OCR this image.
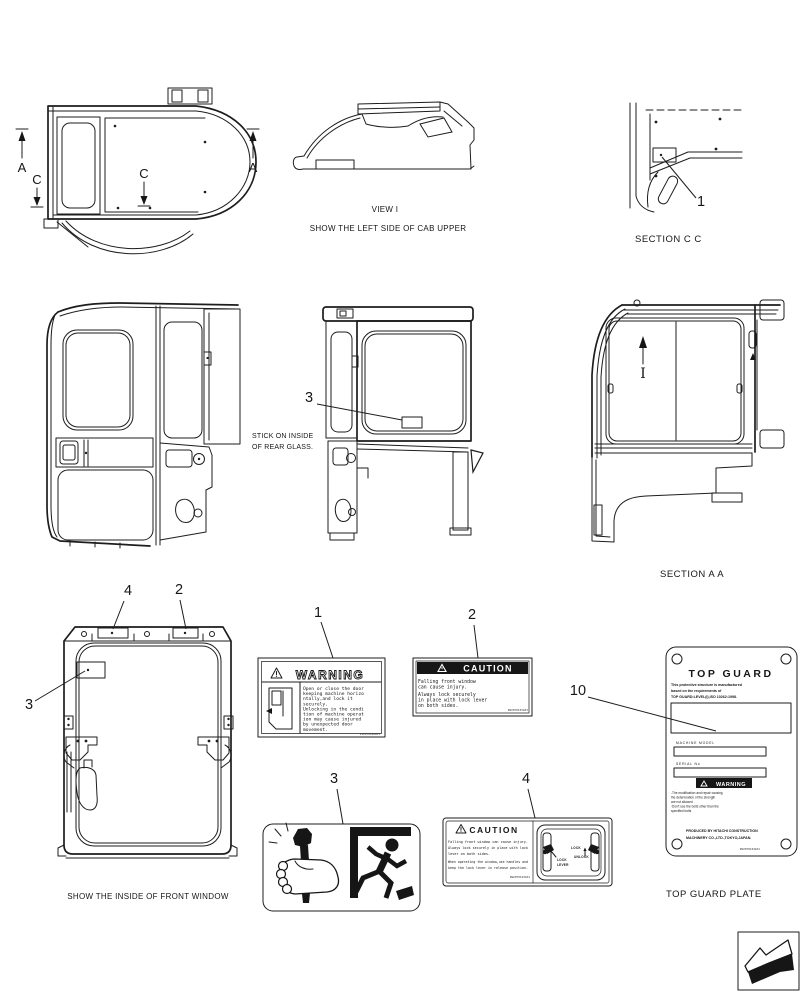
A
C	C	A
VIEW I
SHOW THE LEFT SIDE OF CAB UPPER
1
SECTION C C
3
STICK ON INSIDE
OF REAR GLASS.
I
SECTION A A
4	2
3
SHOW THE INSIDE OF FRONT WINDOW
1
WARNING
Open or close the door
keeping machine horizo
ntally,and lock it
securely.
Unlocking in the condi
tion of machine operat
ion may cause injured
by unexpected door
movement.
PV20T0100AP1
2
CAUTION
Falling front window
can cause injury.
Always lock securely
in place with lock lever
on both sides.
PW20T0103AP3
3	4
CAUTION
Falling front window can cause injury.
Always lock securely in place with lock
lever on both sides.
When operating the window,use handles and
keep the lock lever in release position.
PW20T0103AP1
LOCK
LEVER
LOCK
UNLOCK
10
TOP GUARD
This protective structure is manufactured
based on the requirements of
TOP GUARD:LEVEL(I),ISO 10262:1998.
MACHINE MODEL
SERIAL No
WARNING
-The modification and repair causing
the deterioration of the strength
are not allowed
-Don't use the bolts other than the
specified bolts
PRODUCED BY HITACHI CONSTRUCTION
MACHINERY CO.,LTD.,TOKYO,JAPAN.
PW20T0104AP1
TOP GUARD PLATE
